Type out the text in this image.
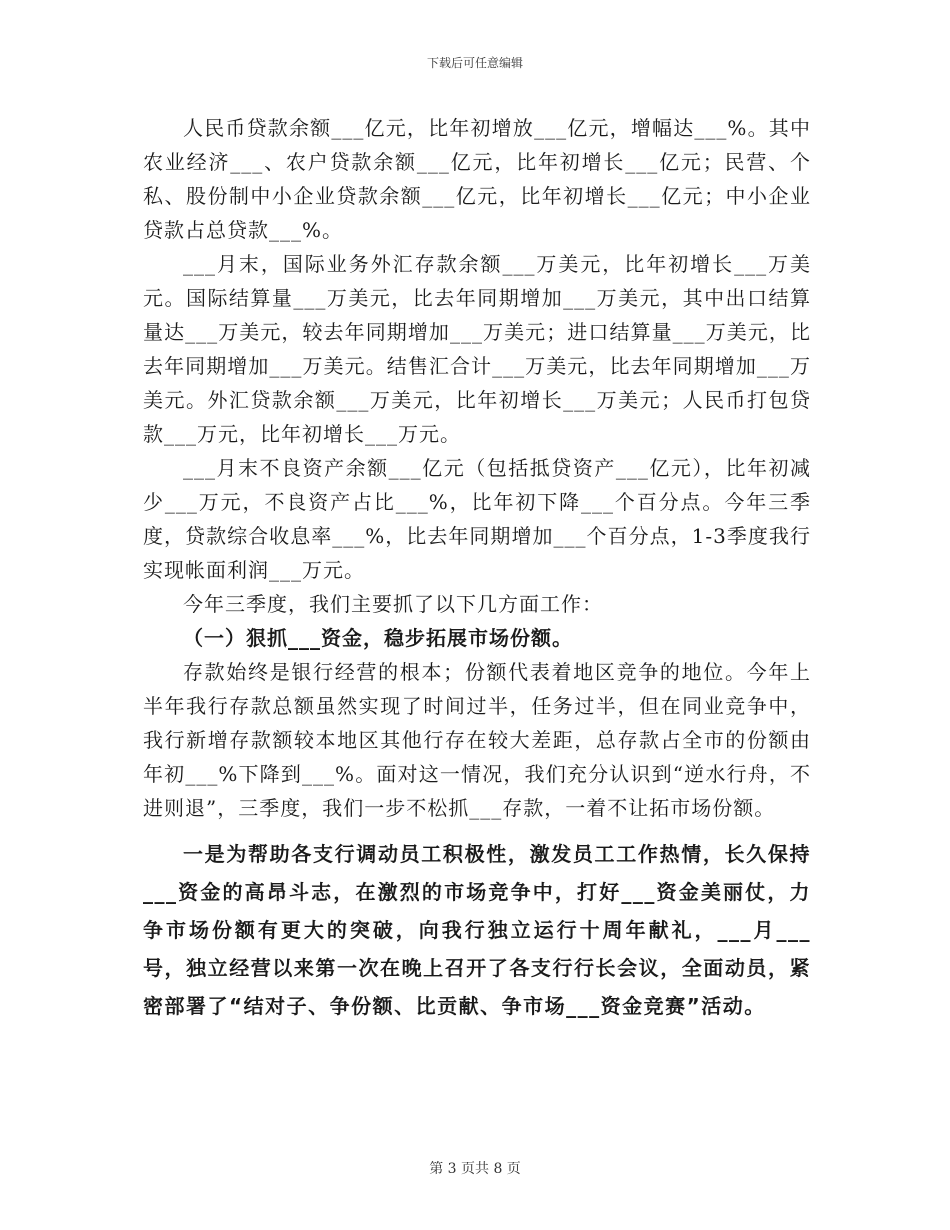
下载后可任意编辑

人民币贷款余额___亿元，比年初增放___亿元，增幅达___%。其中农业经济___、农户贷款余额___亿元，比年初增长___亿元；民营、个私、股份制中小企业贷款余额___亿元，比年初增长___亿元；中小企业贷款占总贷款___%。

___月末，国际业务外汇存款余额___万美元，比年初增长___万美元。国际结算量___万美元，比去年同期增加___万美元，其中出口结算量达___万美元，较去年同期增加___万美元；进口结算量___万美元，比去年同期增加___万美元。结售汇合计___万美元，比去年同期增加___万美元。外汇贷款余额___万美元，比年初增长___万美元；人民币打包贷款___万元，比年初增长___万元。

___月末不良资产余额___亿元（包括抵贷资产___亿元），比年初减少___万元，不良资产占比___%，比年初下降___个百分点。今年三季度，贷款综合收息率___%，比去年同期增加___个百分点，1-3季度我行实现帐面利润___万元。

今年三季度，我们主要抓了以下几方面工作：

（一）狠抓___资金，稳步拓展市场份额。

存款始终是银行经营的根本；份额代表着地区竞争的地位。今年上半年我行存款总额虽然实现了时间过半，任务过半，但在同业竞争中，我行新增存款额较本地区其他行存在较大差距，总存款占全市的份额由年初___%下降到___%。面对这一情况，我们充分认识到“逆水行舟，不进则退”，三季度，我们一步不松抓___存款，一着不让拓市场份额。

一是为帮助各支行调动员工积极性，激发员工工作热情，长久保持___资金的高昂斗志，在激烈的市场竞争中，打好___资金美丽仗，力争市场份额有更大的突破，向我行独立运行十周年献礼，___月___号，独立经营以来第一次在晚上召开了各支行行长会议，全面动员，紧密部署了“结对子、争份额、比贡献、争市场___资金竞赛”活动。

第 3 页共 8 页
